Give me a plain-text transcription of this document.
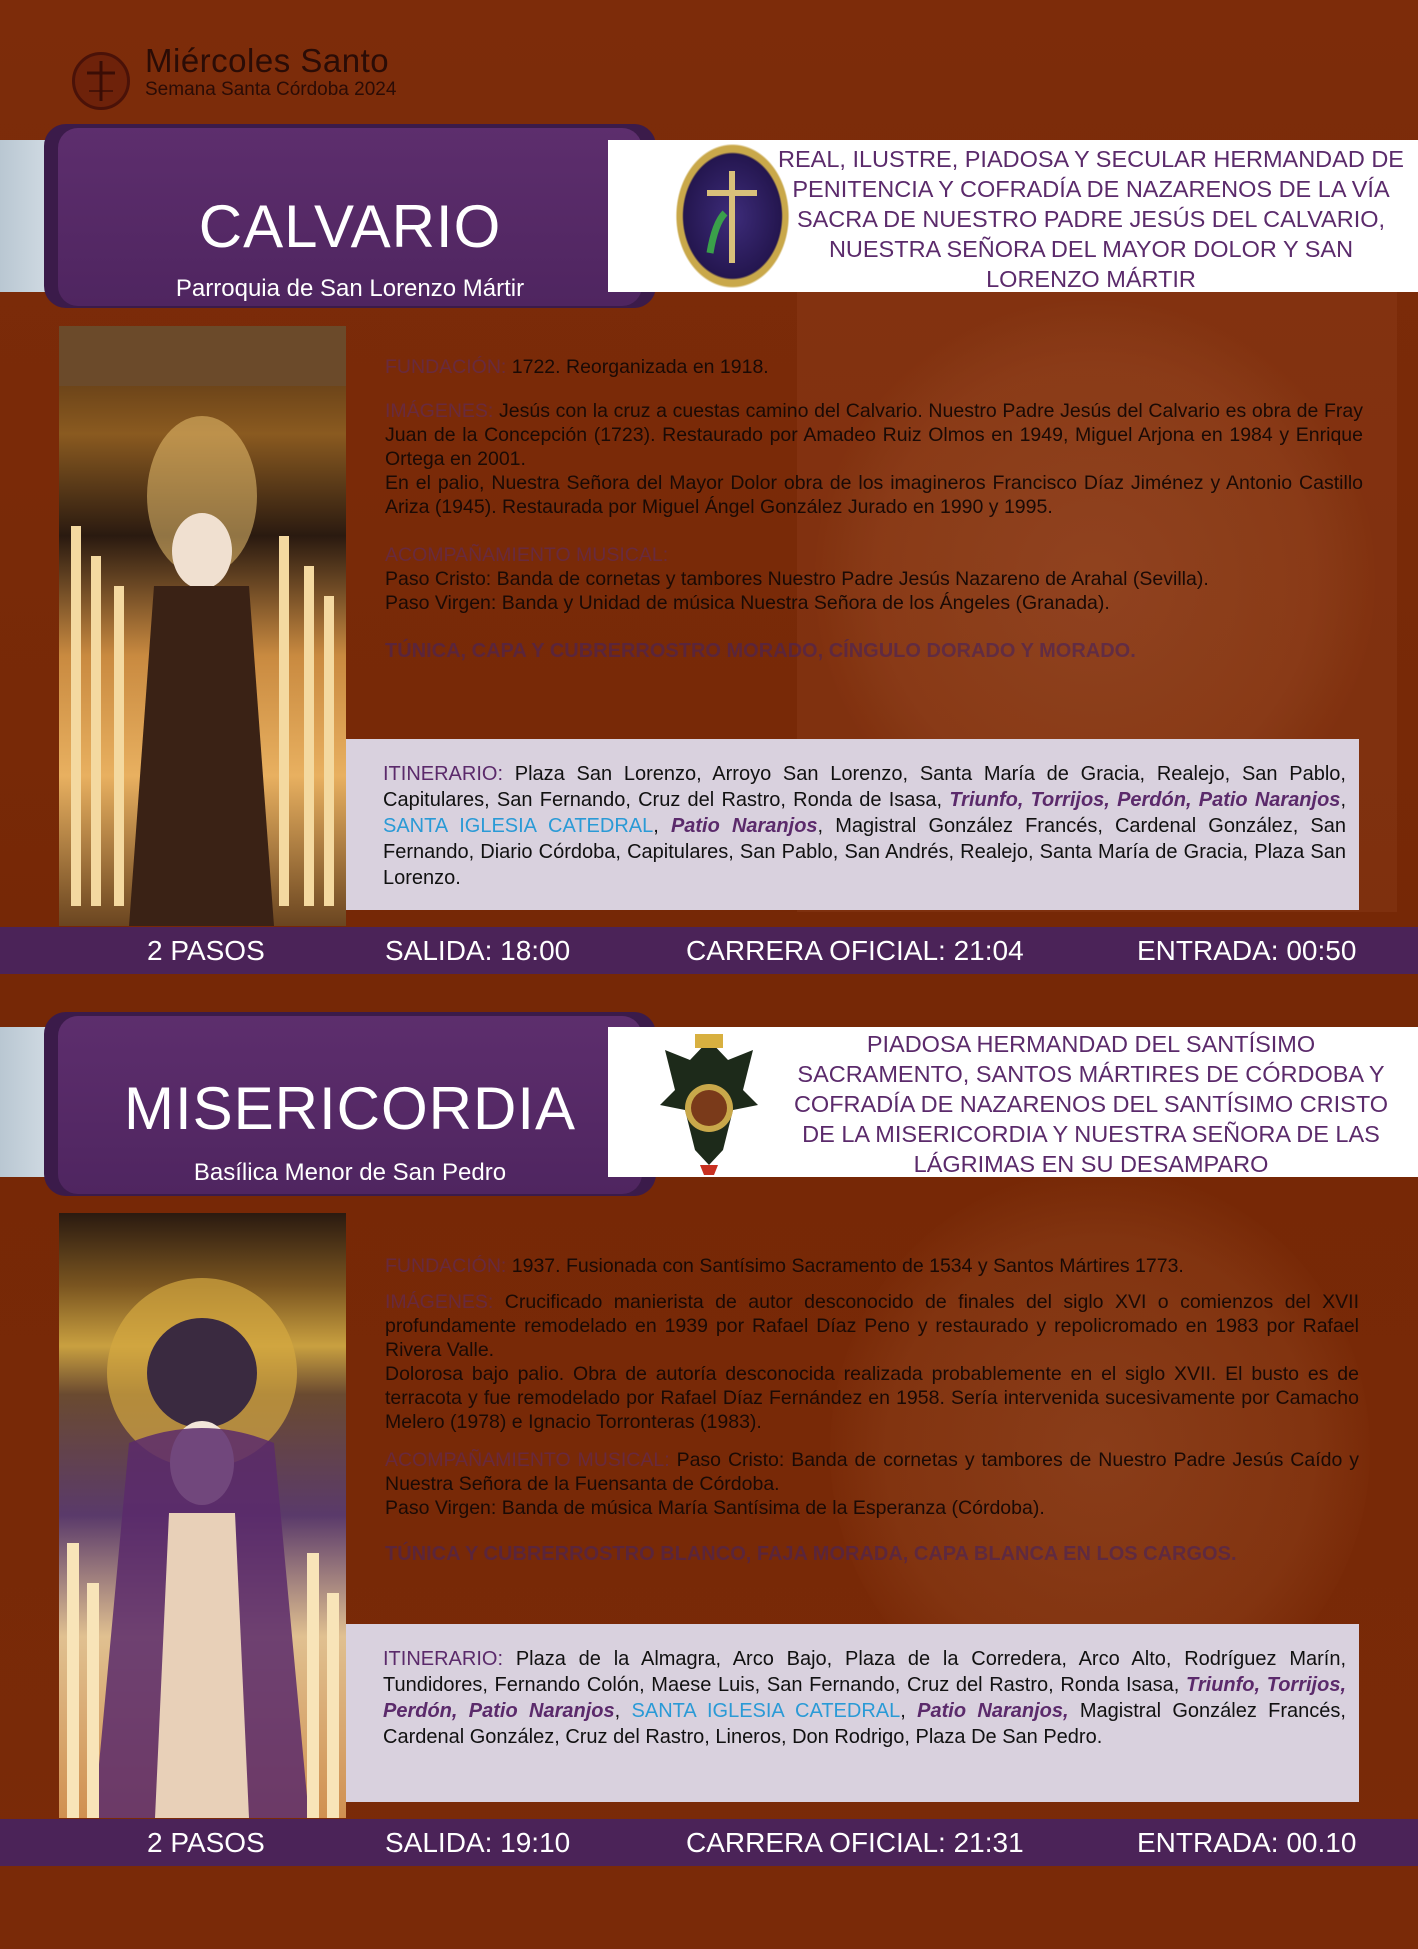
Miércoles Santo
Semana Santa Córdoba 2024
CALVARIO
Parroquia de San Lorenzo Mártir
REAL, ILUSTRE, PIADOSA Y SECULAR HERMANDAD DE PENITENCIA Y COFRADÍA DE NAZARENOS DE LA VÍA SACRA DE NUESTRO PADRE JESÚS DEL CALVARIO, NUESTRA SEÑORA DEL MAYOR DOLOR Y SAN LORENZO MÁRTIR

FUNDACIÓN: 1722. Reorganizada en 1918.

IMÁGENES: Jesús con la cruz a cuestas camino del Calvario. Nuestro Padre Jesús del Calvario es obra de Fray Juan de la Concepción (1723). Restaurado por Amadeo Ruiz Olmos en 1949, Miguel Arjona en 1984 y Enrique Ortega en 2001.

En el palio, Nuestra Señora del Mayor Dolor obra de los imagineros Francisco Díaz Jiménez y Antonio Castillo Ariza (1945). Restaurada por Miguel Ángel González Jurado en 1990 y 1995.

ACOMPAÑAMIENTO MUSICAL:

Paso Cristo: Banda de cornetas y tambores Nuestro Padre Jesús Nazareno de Arahal (Sevilla).

Paso Virgen: Banda y Unidad de música Nuestra Señora de los Ángeles (Granada).

TÚNICA, CAPA Y CUBRERROSTRO MORADO, CÍNGULO DORADO Y MORADO.

ITINERARIO: Plaza San Lorenzo, Arroyo San Lorenzo, Santa María de Gracia, Realejo, San Pablo, Capitulares, San Fernando, Cruz del Rastro, Ronda de Isasa, Triunfo, Torrijos, Perdón, Patio Naranjos, SANTA IGLESIA CATEDRAL, Patio Naranjos, Magistral González Francés, Cardenal González, San Fernando, Diario Córdoba, Capitulares, San Pablo, San Andrés, Realejo, Santa María de Gracia, Plaza San Lorenzo.
2 PASOS	SALIDA: 18:00	CARRERA OFICIAL: 21:04	ENTRADA: 00:50
MISERICORDIA
Basílica Menor de San Pedro
PIADOSA HERMANDAD DEL SANTÍSIMO SACRAMENTO, SANTOS MÁRTIRES DE CÓRDOBA Y COFRADÍA DE NAZARENOS DEL SANTÍSIMO CRISTO DE LA MISERICORDIA Y NUESTRA SEÑORA DE LAS LÁGRIMAS EN SU DESAMPARO

FUNDACIÓN: 1937. Fusionada con Santísimo Sacramento de 1534 y Santos Mártires 1773.

IMÁGENES: Crucificado manierista de autor desconocido de finales del siglo XVI o comienzos del XVII profundamente remodelado en 1939 por Rafael Díaz Peno y restaurado y repolicromado en 1983 por Rafael Rivera Valle.

Dolorosa bajo palio. Obra de autoría desconocida realizada probablemente en el siglo XVII. El busto es de terracota y fue remodelado por Rafael Díaz Fernández en 1958. Sería intervenida sucesivamente por Camacho Melero (1978) e Ignacio Torronteras (1983).

ACOMPAÑAMIENTO MUSICAL: Paso Cristo: Banda de cornetas y tambores de Nuestro Padre Jesús Caído y Nuestra Señora de la Fuensanta de Córdoba.

Paso Virgen: Banda de música María Santísima de la Esperanza (Córdoba).

TÚNICA Y CUBRERROSTRO BLANCO, FAJA MORADA, CAPA BLANCA EN LOS CARGOS.

ITINERARIO: Plaza de la Almagra, Arco Bajo, Plaza de la Corredera, Arco Alto, Rodríguez Marín, Tundidores, Fernando Colón, Maese Luis, San Fernando, Cruz del Rastro, Ronda Isasa, Triunfo, Torrijos, Perdón, Patio Naranjos, SANTA IGLESIA CATEDRAL, Patio Naranjos, Magistral González Francés, Cardenal González, Cruz del Rastro, Lineros, Don Rodrigo, Plaza De San Pedro.
2 PASOS	SALIDA: 19:10	CARRERA OFICIAL: 21:31	ENTRADA: 00.10
